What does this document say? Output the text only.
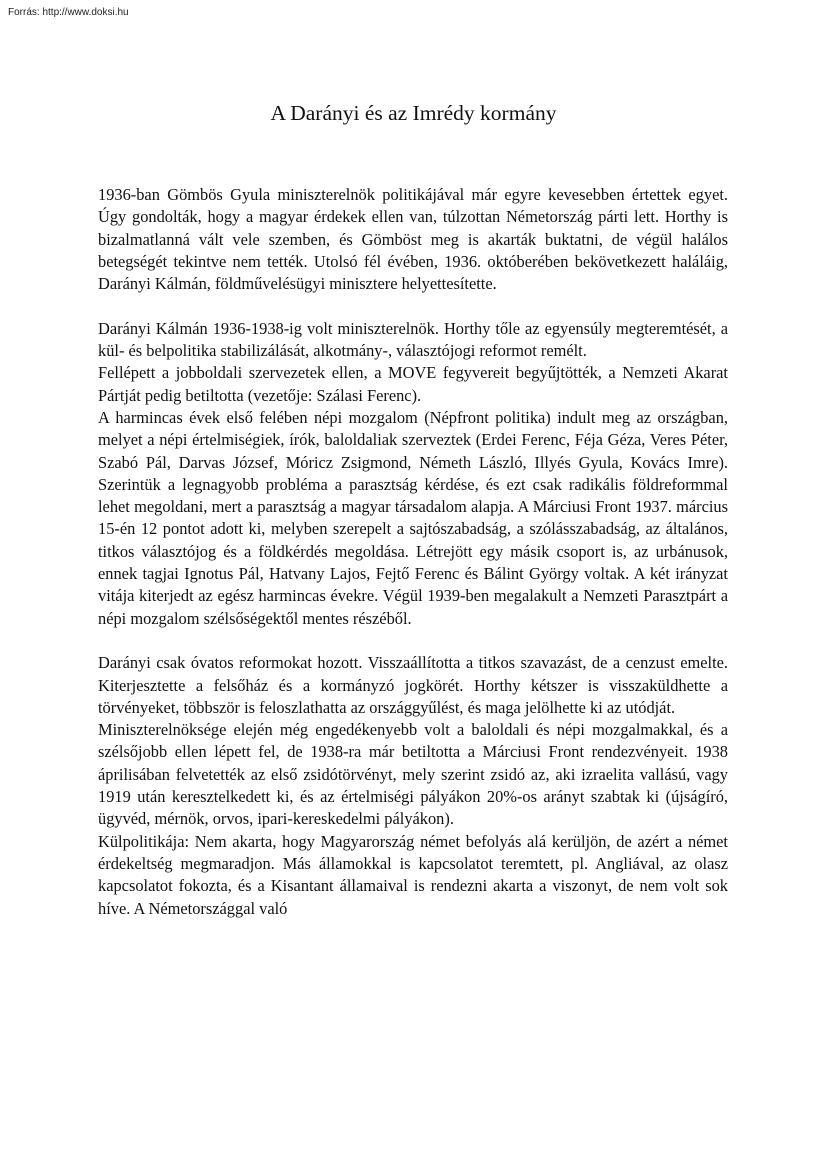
Forrás: http://www.doksi.hu
A Darányi és az Imrédy kormány

1936-ban Gömbös Gyula miniszterelnök politikájával már egyre kevesebben értettek egyet. Úgy gondolták, hogy a magyar érdekek ellen van, túlzottan Németország párti lett. Horthy is bizalmatlanná vált vele szemben, és Gömböst meg is akarták buktatni, de végül halálos betegségét tekintve nem tették. Utolsó fél évében, 1936. októberében bekövetkezett haláláig, Darányi Kálmán, földművelésügyi minisztere helyettesítette.

Darányi Kálmán 1936-1938-ig volt miniszterelnök. Horthy tőle az egyensúly megteremtését, a kül- és belpolitika stabilizálását, alkotmány-, választójogi reformot remélt.

Fellépett a jobboldali szervezetek ellen, a MOVE fegyvereit begyűjtötték, a Nemzeti Akarat Pártját pedig betiltotta (vezetője: Szálasi Ferenc).

A harmincas évek első felében népi mozgalom (Népfront politika) indult meg az országban, melyet a népi értelmiségiek, írók, baloldaliak szerveztek (Erdei Ferenc, Féja Géza, Veres Péter, Szabó Pál, Darvas József, Móricz Zsigmond, Németh László, Illyés Gyula, Kovács Imre). Szerintük a legnagyobb probléma a parasztság kérdése, és ezt csak radikális földreformmal lehet megoldani, mert a parasztság a magyar társadalom alapja. A Márciusi Front 1937. március 15-én 12 pontot adott ki, melyben szerepelt a sajtószabadság, a szólásszabadság, az általános, titkos választójog és a földkérdés megoldása. Létrejött egy másik csoport is, az urbánusok, ennek tagjai Ignotus Pál, Hatvany Lajos, Fejtő Ferenc és Bálint György voltak. A két irányzat vitája kiterjedt az egész harmincas évekre. Végül 1939-ben megalakult a Nemzeti Parasztpárt a népi mozgalom szélsőségektől mentes részéből.

Darányi csak óvatos reformokat hozott. Visszaállította a titkos szavazást, de a cenzust emelte. Kiterjesztette a felsőház és a kormányzó jogkörét. Horthy kétszer is visszaküldhette a törvényeket, többször is feloszlathatta az országgyűlést, és maga jelölhette ki az utódját.

Miniszterelnöksége elején még engedékenyebb volt a baloldali és népi mozgalmakkal, és a szélsőjobb ellen lépett fel, de 1938-ra már betiltotta a Márciusi Front rendezvényeit. 1938 áprilisában felvetették az első zsidótörvényt, mely szerint zsidó az, aki izraelita vallású, vagy 1919 után keresztelkedett ki, és az értelmiségi pályákon 20%-os arányt szabtak ki (újságíró, ügyvéd, mérnök, orvos, ipari-kereskedelmi pályákon).

Külpolitikája: Nem akarta, hogy Magyarország német befolyás alá kerüljön, de azért a német érdekeltség megmaradjon. Más államokkal is kapcsolatot teremtett, pl. Angliával, az olasz kapcsolatot fokozta, és a Kisantant államaival is rendezni akarta a viszonyt, de nem volt sok híve. A Németországgal való
